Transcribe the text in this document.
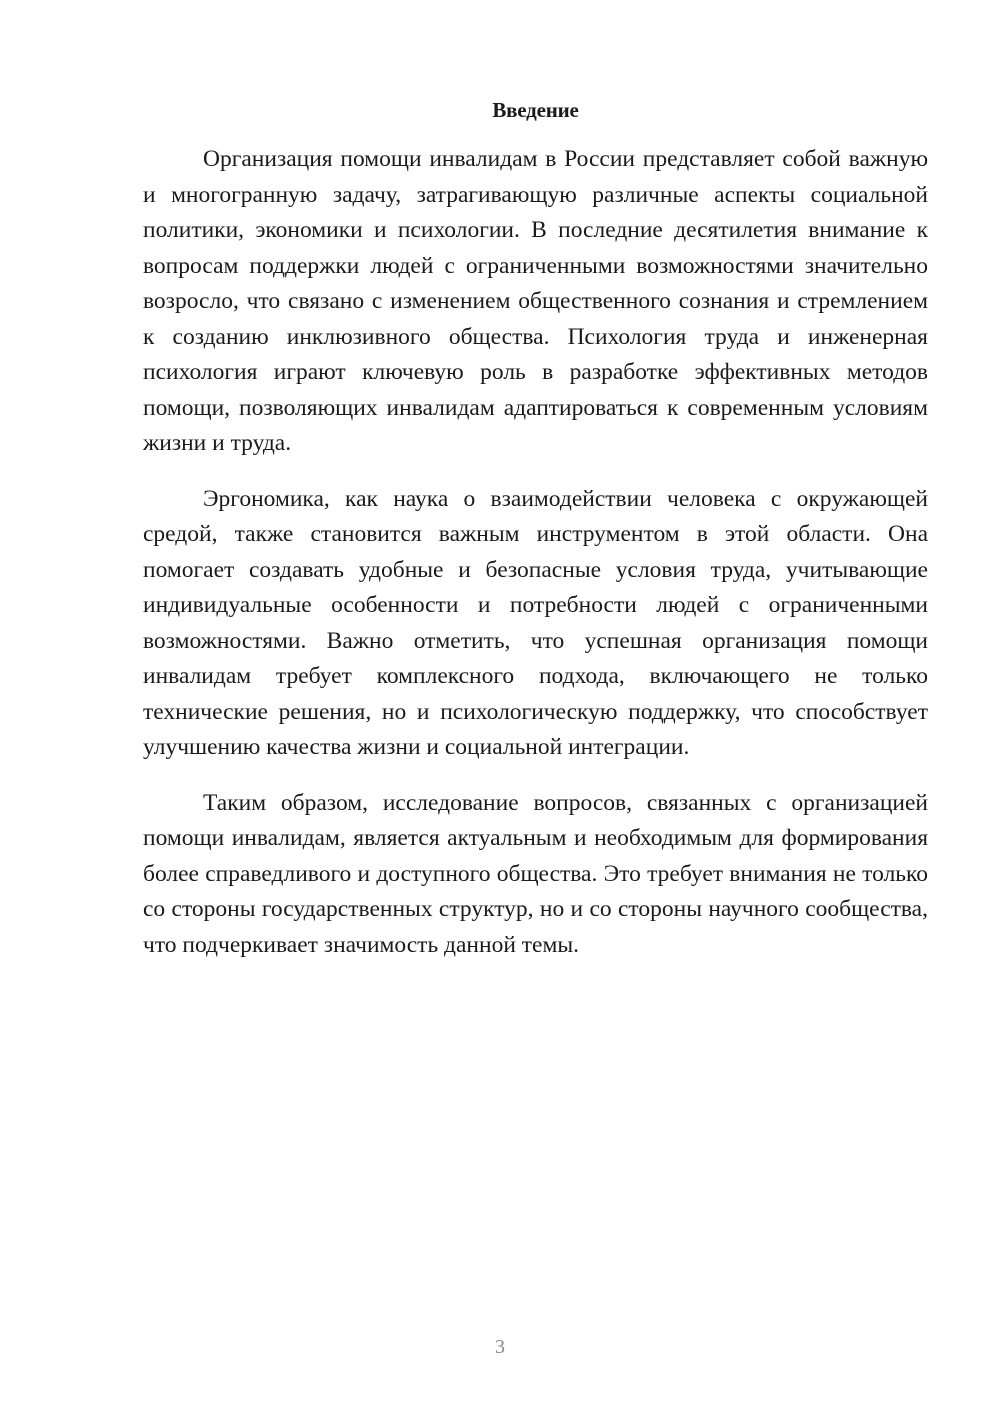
Введение

Организация помощи инвалидам в России представляет собой важную и многогранную задачу, затрагивающую различные аспекты социальной политики, экономики и психологии. В последние десятилетия внимание к вопросам поддержки людей с ограниченными возможностями значительно возросло, что связано с изменением общественного сознания и стремлением к созданию инклюзивного общества. Психология труда и инженерная психология играют ключевую роль в разработке эффективных методов помощи, позволяющих инвалидам адаптироваться к современным условиям жизни и труда.

Эргономика, как наука о взаимодействии человека с окружающей средой, также становится важным инструментом в этой области. Она помогает создавать удобные и безопасные условия труда, учитывающие индивидуальные особенности и потребности людей с ограниченными возможностями. Важно отметить, что успешная организация помощи инвалидам требует комплексного подхода, включающего не только технические решения, но и психологическую поддержку, что способствует улучшению качества жизни и социальной интеграции.

Таким образом, исследование вопросов, связанных с организацией помощи инвалидам, является актуальным и необходимым для формирования более справедливого и доступного общества. Это требует внимания не только со стороны государственных структур, но и со стороны научного сообщества, что подчеркивает значимость данной темы.

3
